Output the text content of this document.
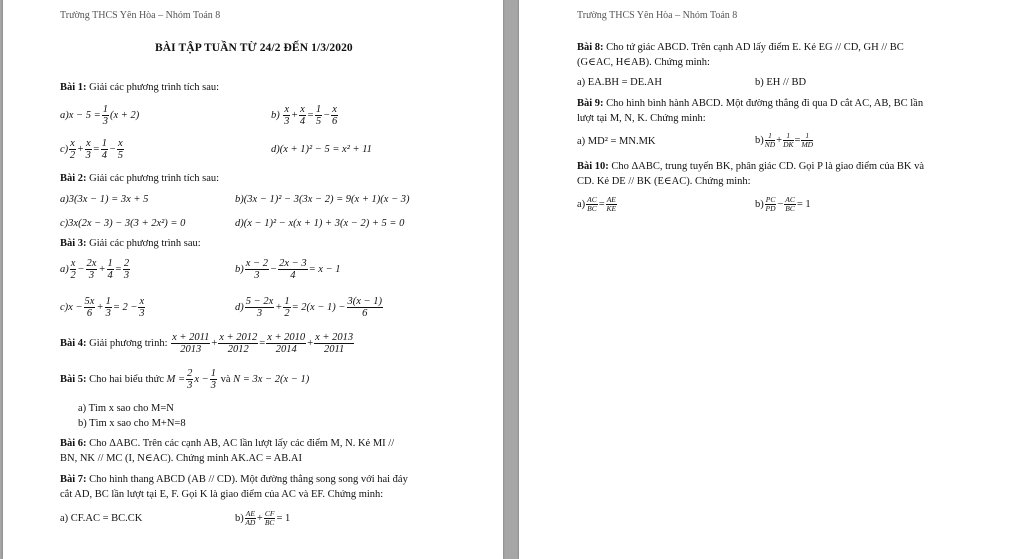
Trường THCS Yên Hòa – Nhóm Toán 8
BÀI TẬP TUẦN TỪ 24/2 ĐẾN 1/3/2020
Bài 1: Giải các phương trình tích sau:
$a)x - 5 = \frac{1}{3} (x + 2)$	$b) \frac{x}{3} + \frac{x}{4} = \frac{1}{5} - \frac{x}{6}$
$c) \frac{x}{2} + \frac{x}{3} = \frac{1}{4} - \frac{x}{5}$	d)(x + 1)² − 5 = x² + 11
Bài 2: Giải các phương trình tích sau:
a)3(3x − 1) = 3x + 5	b)(3x − 1)² − 3(3x − 2) = 9(x + 1)(x − 3)
c)3x(2x − 3) − 3(3 + 2x²) = 0	d)(x − 1)² − x(x + 1) + 3(x − 2) + 5 = 0
Bài 3: Giải các phương trình sau:
$a) \frac{x}{2} - \frac{2x}{3} + \frac{1}{4} = \frac{2}{3}$	$b) \frac{x - 2}{3} - \frac{2x - 3}{4} = x - 1$
$c)x - \frac{5x}{6} + \frac{1}{3} = 2 - \frac{x}{3}$	$d) \frac{5 - 2x}{3} + \frac{1}{2} = 2(x - 1) - \frac{3(x - 1)}{6}$
Bài 4: Giải phương trình: $\frac{x + 2011}{2013} + \frac{x + 2012}{2012} = \frac{x + 2010}{2014} + \frac{x + 2013}{2011}$
Bài 5: Cho hai biểu thức $M = \frac{2}{3}$ $x - \frac{1}{3}$ và N = 3x − 2(x − 1)
a) Tìm x sao cho M=N
b) Tìm x sao cho M+N=8
Bài 6: Cho ΔABC. Trên các cạnh AB, AC lần lượt lấy các điểm M, N. Kẻ MI //
BN, NK // MC (I, N∈AC). Chứng minh AK.AC = AB.AI
Bài 7: Cho hình thang ABCD (AB // CD). Một đường thẳng song song với hai đáy
cắt AD, BC lần lượt tại E, F. Gọi K là giao điểm của AC và EF. Chứng minh:
a) CF.AC = BC.CK	$b) \frac{AE}{AD} + \frac{CF}{BC} = 1$
Trường THCS Yên Hòa – Nhóm Toán 8
Bài 8: Cho tứ giác ABCD. Trên cạnh AD lấy điểm E. Kẻ EG // CD, GH // BC
(G∈AC, H∈AB). Chứng minh:
a) EA.BH = DE.AH	b) EH // BD
Bài 9: Cho hình bình hành ABCD. Một đường thẳng đi qua D cắt AC, AB, BC lần
lượt tại M, N, K. Chứng minh:
a) MD² = MN.MK	$b) \frac{1}{ND} + \frac{1}{DK} = \frac{1}{MD}$
Bài 10: Cho ΔABC, trung tuyến BK, phân giác CD. Gọi P là giao điểm của BK và
CD. Kẻ DE // BK (E∈AC). Chứng minh:
$a) \frac{AC}{BC} = \frac{AE}{KE}$	$b) \frac{PC}{PD} - \frac{AC}{BC} = 1$
